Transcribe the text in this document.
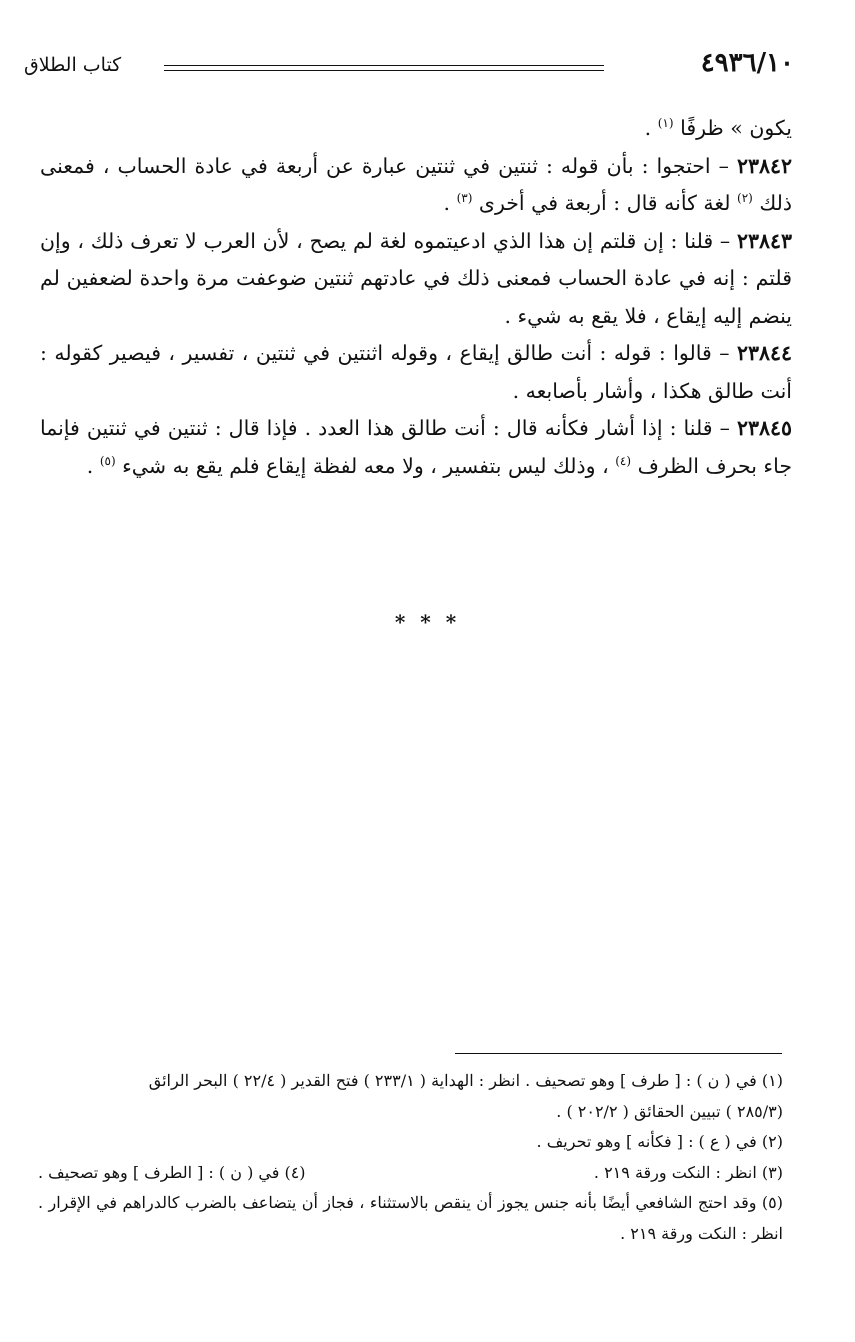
كتاب الطلاق	٤٩٣٦/١٠

يكون » ظرفًا $^{(١)}$ .

٢٣٨٤٢ – احتجوا : بأن قوله : ثنتين في ثنتين عبارة عن أربعة في عادة الحساب ، فمعنى ذلك $^{(٢)}$ لغة كأنه قال : أربعة في أخرى $^{(٣)}$ .

٢٣٨٤٣ – قلنا : إن قلتم إن هذا الذي ادعيتموه لغة لم يصح ، لأن العرب لا تعرف ذلك ، وإن قلتم : إنه في عادة الحساب فمعنى ذلك في عادتهم ثنتين ضوعفت مرة واحدة لضعفين لم ينضم إليه إيقاع ، فلا يقع به شيء .

٢٣٨٤٤ – قالوا : قوله : أنت طالق إيقاع ، وقوله اثنتين في ثنتين ، تفسير ، فيصير كقوله : أنت طالق هكذا ، وأشار بأصابعه .

٢٣٨٤٥ – قلنا : إذا أشار فكأنه قال : أنت طالق هذا العدد . فإذا قال : ثنتين في ثنتين فإنما جاء بحرف الظرف $^{(٤)}$ ، وذلك ليس بتفسير ، ولا معه لفظة إيقاع فلم يقع به شيء $^{(٥)}$ .

* * *

(١) في ( ن ) : [ طرف ] وهو تصحيف . انظر : الهداية ( ٢٣٣/١ ) فتح القدير ( ٢٢/٤ ) البحر الرائق

(٢٨٥/٣ ) تبيين الحقائق ( ٢٠٢/٢ ) .

(٢) في ( ع ) : [ فكأنه ] وهو تحريف .

(٣) انظر : النكت ورقة ٢١٩ .
(٤) في ( ن ) : [ الطرف ] وهو تصحيف .

(٥) وقد احتج الشافعي أيضًا بأنه جنس يجوز أن ينقص بالاستثناء ، فجاز أن يتضاعف بالضرب كالدراهم في الإقرار . انظر : النكت ورقة ٢١٩ .
